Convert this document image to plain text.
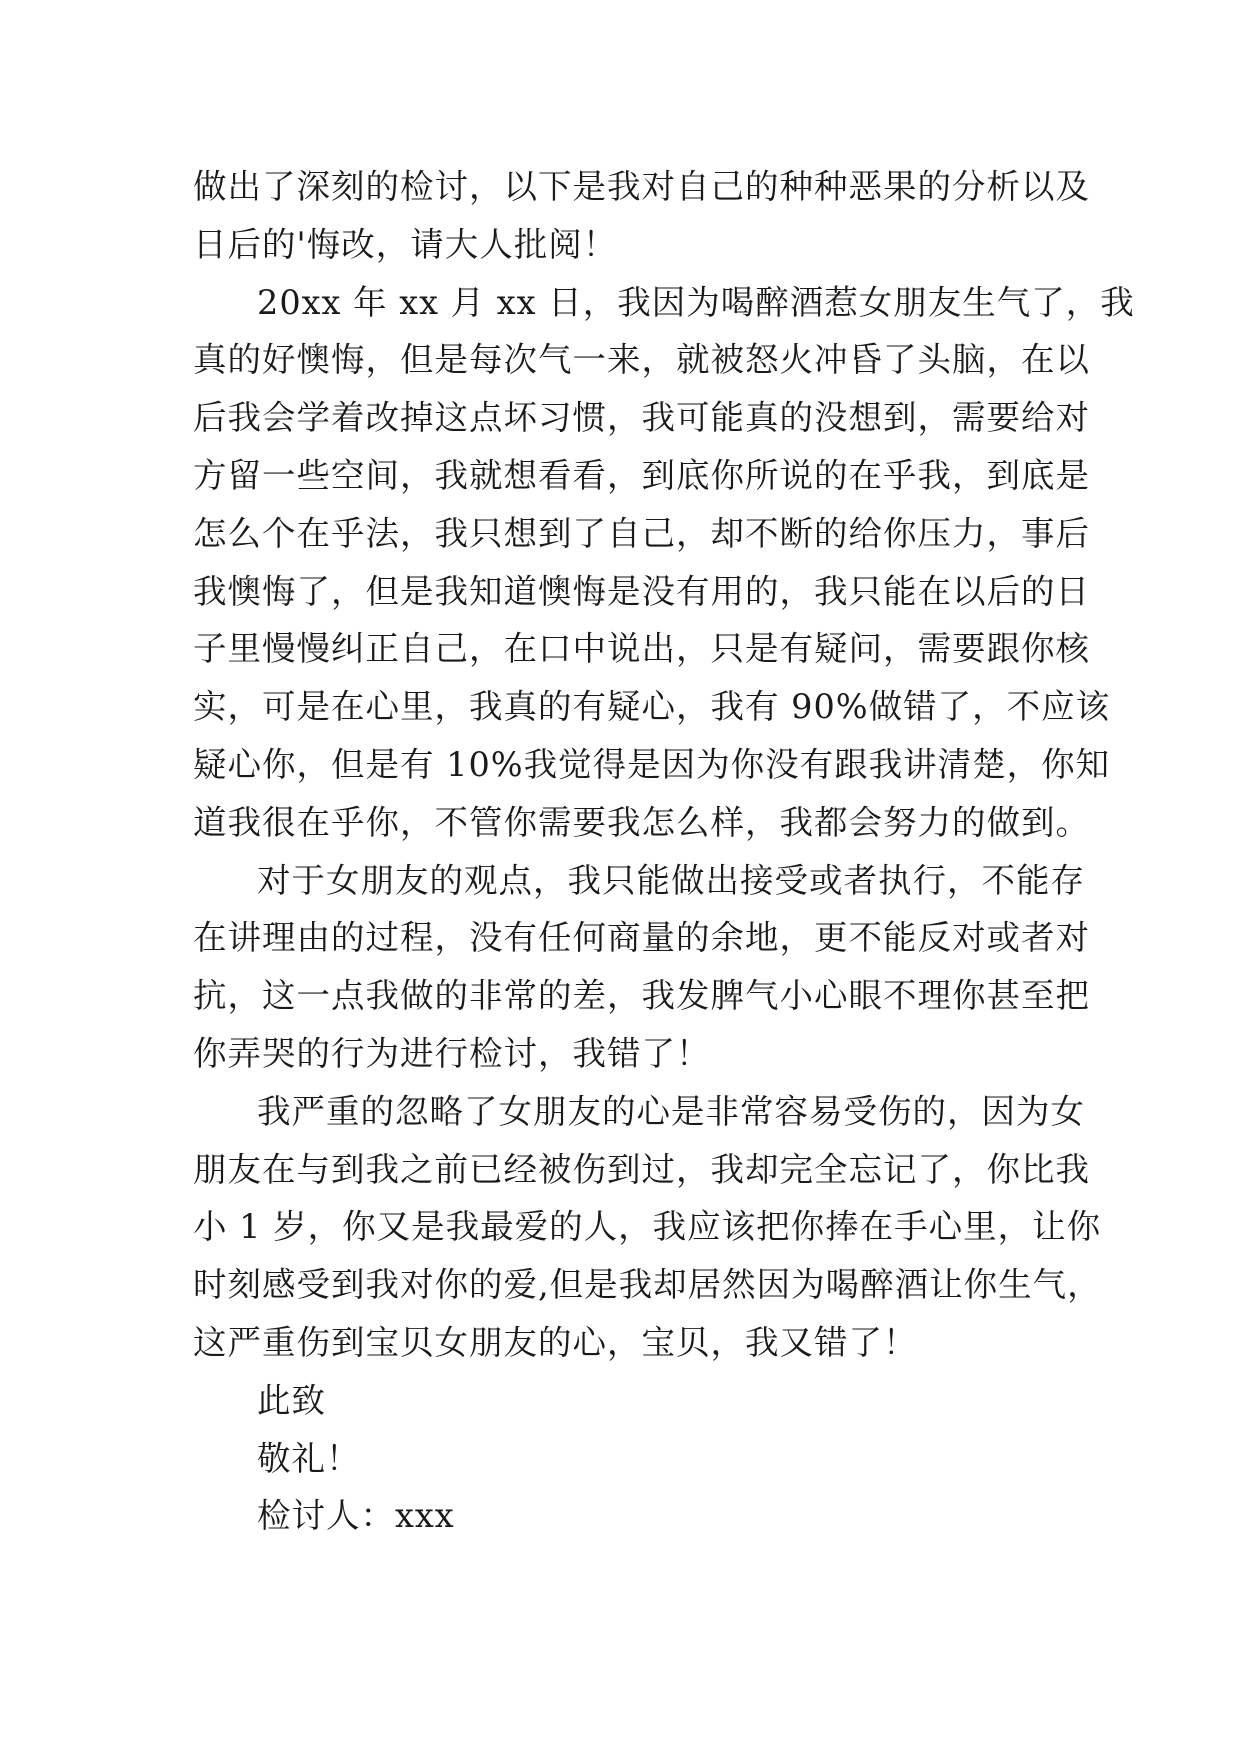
做出了深刻的检讨，以下是我对自己的种种恶果的分析以及
日后的'悔改，请大人批阅！
20xx 年 xx 月 xx 日，我因为喝醉酒惹女朋友生气了，我
真的好懊悔，但是每次气一来，就被怒火冲昏了头脑，在以
后我会学着改掉这点坏习惯，我可能真的没想到，需要给对
方留一些空间，我就想看看，到底你所说的在乎我，到底是
怎么个在乎法，我只想到了自己，却不断的给你压力，事后
我懊悔了，但是我知道懊悔是没有用的，我只能在以后的日
子里慢慢纠正自己，在口中说出，只是有疑问，需要跟你核
实，可是在心里，我真的有疑心，我有 90%做错了，不应该
疑心你，但是有 10%我觉得是因为你没有跟我讲清楚，你知
道我很在乎你，不管你需要我怎么样，我都会努力的做到。
对于女朋友的观点，我只能做出接受或者执行，不能存
在讲理由的过程，没有任何商量的余地，更不能反对或者对
抗，这一点我做的非常的差，我发脾气小心眼不理你甚至把
你弄哭的行为进行检讨，我错了！
我严重的忽略了女朋友的心是非常容易受伤的，因为女
朋友在与到我之前已经被伤到过，我却完全忘记了，你比我
小 1 岁，你又是我最爱的人，我应该把你捧在手心里，让你
时刻感受到我对你的爱,但是我却居然因为喝醉酒让你生气，
这严重伤到宝贝女朋友的心，宝贝，我又错了！
此致
敬礼！
检讨人：xxx
